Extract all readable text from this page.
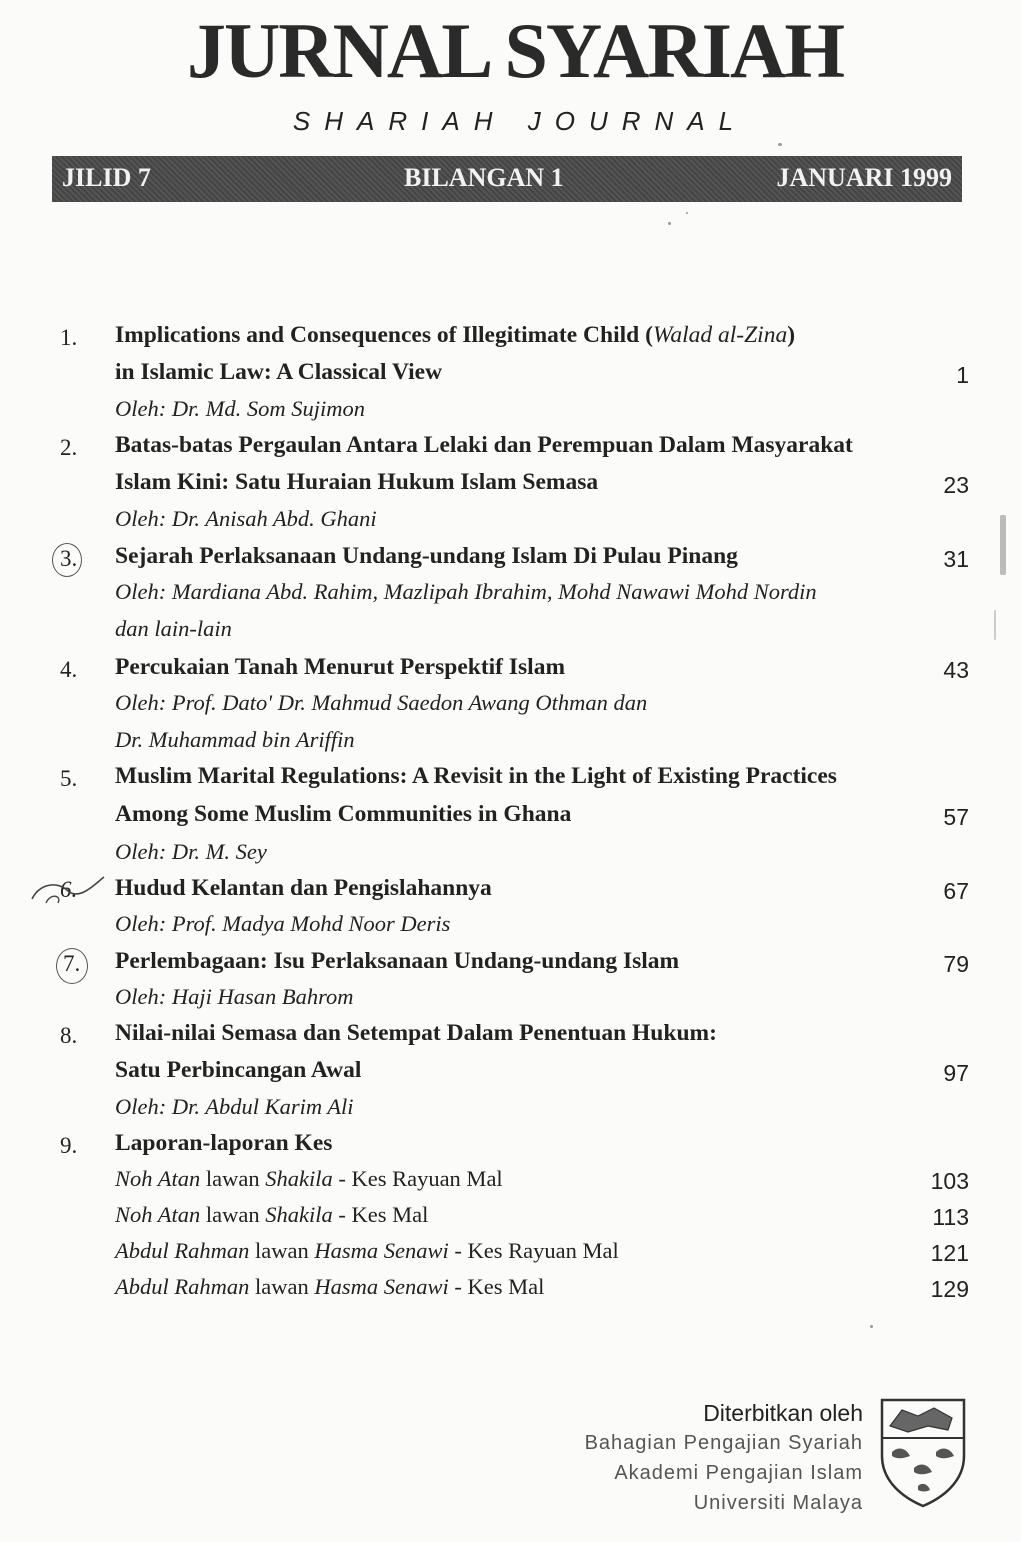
JURNAL SYARIAH
SHARIAH JOURNAL
JILID 7	BILANGAN 1	JANUARI 1999
1. Implications and Consequences of Illegitimate Child (Walad al-Zina)
in Islamic Law: A Classical View	1
Oleh: Dr. Md. Som Sujimon
2. Batas-batas Pergaulan Antara Lelaki dan Perempuan Dalam Masyarakat
Islam Kini: Satu Huraian Hukum Islam Semasa	23
Oleh: Dr. Anisah Abd. Ghani
3. Sejarah Perlaksanaan Undang-undang Islam Di Pulau Pinang	31
Oleh: Mardiana Abd. Rahim, Mazlipah Ibrahim, Mohd Nawawi Mohd Nordin
dan lain-lain
4. Percukaian Tanah Menurut Perspektif Islam	43
Oleh: Prof. Dato' Dr. Mahmud Saedon Awang Othman dan
Dr. Muhammad bin Ariffin
5. Muslim Marital Regulations: A Revisit in the Light of Existing Practices
Among Some Muslim Communities in Ghana	57
Oleh: Dr. M. Sey
6. Hudud Kelantan dan Pengislahannya	67
Oleh: Prof. Madya Mohd Noor Deris
7. Perlembagaan: Isu Perlaksanaan Undang-undang Islam	79
Oleh: Haji Hasan Bahrom
8. Nilai-nilai Semasa dan Setempat Dalam Penentuan Hukum:
Satu Perbincangan Awal	97
Oleh: Dr. Abdul Karim Ali
9. Laporan-laporan Kes
Noh Atan lawan Shakila - Kes Rayuan Mal	103
Noh Atan lawan Shakila - Kes Mal	113
Abdul Rahman lawan Hasma Senawi - Kes Rayuan Mal	121
Abdul Rahman lawan Hasma Senawi - Kes Mal	129
Diterbitkan oleh
Bahagian Pengajian Syariah
Akademi Pengajian Islam
Universiti Malaya
